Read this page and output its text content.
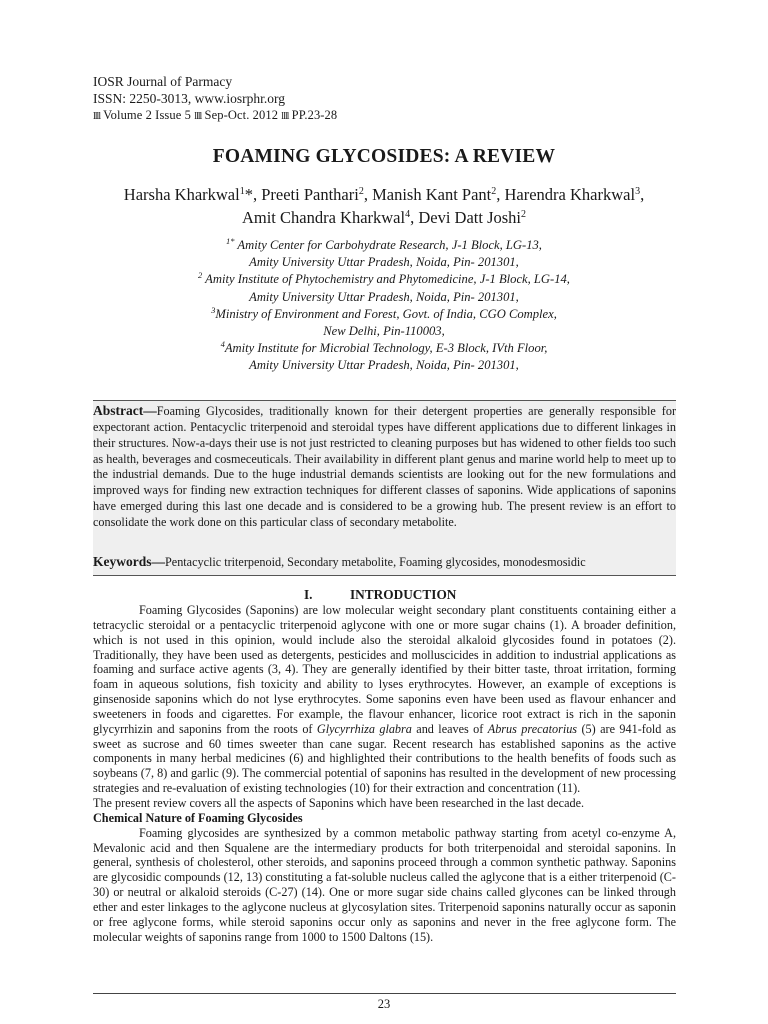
IOSR Journal of Parmacy
ISSN: 2250-3013, www.iosrphr.org
llll Volume 2 Issue 5 llll Sep-Oct. 2012 llll PP.23-28
FOAMING GLYCOSIDES: A REVIEW
Harsha Kharkwal$^1$*, Preeti Panthari$^2$, Manish Kant Pant$^2$, Harendra Kharkwal$^3$,
Amit Chandra Kharkwal$^4$, Devi Datt Joshi$^2$
$^{1*}$ Amity Center for Carbohydrate Research, J-1 Block, LG-13,
Amity University Uttar Pradesh, Noida, Pin- 201301,
$^2$ Amity Institute of Phytochemistry and Phytomedicine, J-1 Block, LG-14,
Amity University Uttar Pradesh, Noida, Pin- 201301,
$^3$Ministry of Environment and Forest, Govt. of India, CGO Complex,
New Delhi, Pin-110003,
$^4$Amity Institute for Microbial Technology, E-3 Block, IVth Floor,
Amity University Uttar Pradesh, Noida, Pin- 201301,
Abstract—Foaming Glycosides, traditionally known for their detergent properties are generally responsible for expectorant action. Pentacyclic triterpenoid and steroidal types have different applications due to different linkages in their structures. Now-a-days their use is not just restricted to cleaning purposes but has widened to other fields too such as health, beverages and cosmeceuticals. Their availability in different plant genus and marine world help to meet up to the industrial demands. Due to the huge industrial demands scientists are looking out for the new formulations and improved ways for finding new extraction techniques for different classes of saponins. Wide applications of saponins have emerged during this last one decade and is considered to be a growing hub. The present review is an effort to consolidate the work done on this particular class of secondary metabolite.
Keywords—Pentacyclic triterpenoid, Secondary metabolite, Foaming glycosides, monodesmosidic
I.	INTRODUCTION

Foaming Glycosides (Saponins) are low molecular weight secondary plant constituents containing either a tetracyclic steroidal or a pentacyclic triterpenoid aglycone with one or more sugar chains (1). A broader definition, which is not used in this opinion, would include also the steroidal alkaloid glycosides found in potatoes (2). Traditionally, they have been used as detergents, pesticides and molluscicides in addition to industrial applications as foaming and surface active agents (3, 4). They are generally identified by their bitter taste, throat irritation, forming foam in aqueous solutions, fish toxicity and ability to lyses erythrocytes. However, an example of exceptions is ginsenoside saponins which do not lyse erythrocytes. Some saponins even have been used as flavour enhancer and sweeteners in foods and cigarettes. For example, the flavour enhancer, licorice root extract is rich in the saponin glycyrrhizin and saponins from the roots of Glycyrrhiza glabra and leaves of Abrus precatorius (5) are 941-fold as sweet as sucrose and 60 times sweeter than cane sugar. Recent research has established saponins as the active components in many herbal medicines (6) and highlighted their contributions to the health benefits of foods such as soybeans (7, 8) and garlic (9). The commercial potential of saponins has resulted in the development of new processing strategies and re-evaluation of existing technologies (10) for their extraction and concentration (11).

The present review covers all the aspects of Saponins which have been researched in the last decade.

Chemical Nature of Foaming Glycosides

Foaming glycosides are synthesized by a common metabolic pathway starting from acetyl co-enzyme A, Mevalonic acid and then Squalene are the intermediary products for both triterpenoidal and steroidal saponins. In general, synthesis of cholesterol, other steroids, and saponins proceed through a common synthetic pathway. Saponins are glycosidic compounds (12, 13) constituting a fat-soluble nucleus called the aglycone that is a either triterpenoid (C-30) or neutral or alkaloid steroids (C-27) (14). One or more sugar side chains called glycones can be linked through ether and ester linkages to the aglycone nucleus at glycosylation sites. Triterpenoid saponins naturally occur as saponin or free aglycone forms, while steroid saponins occur only as saponins and never in the free aglycone form. The molecular weights of saponins range from 1000 to 1500 Daltons (15).

23
